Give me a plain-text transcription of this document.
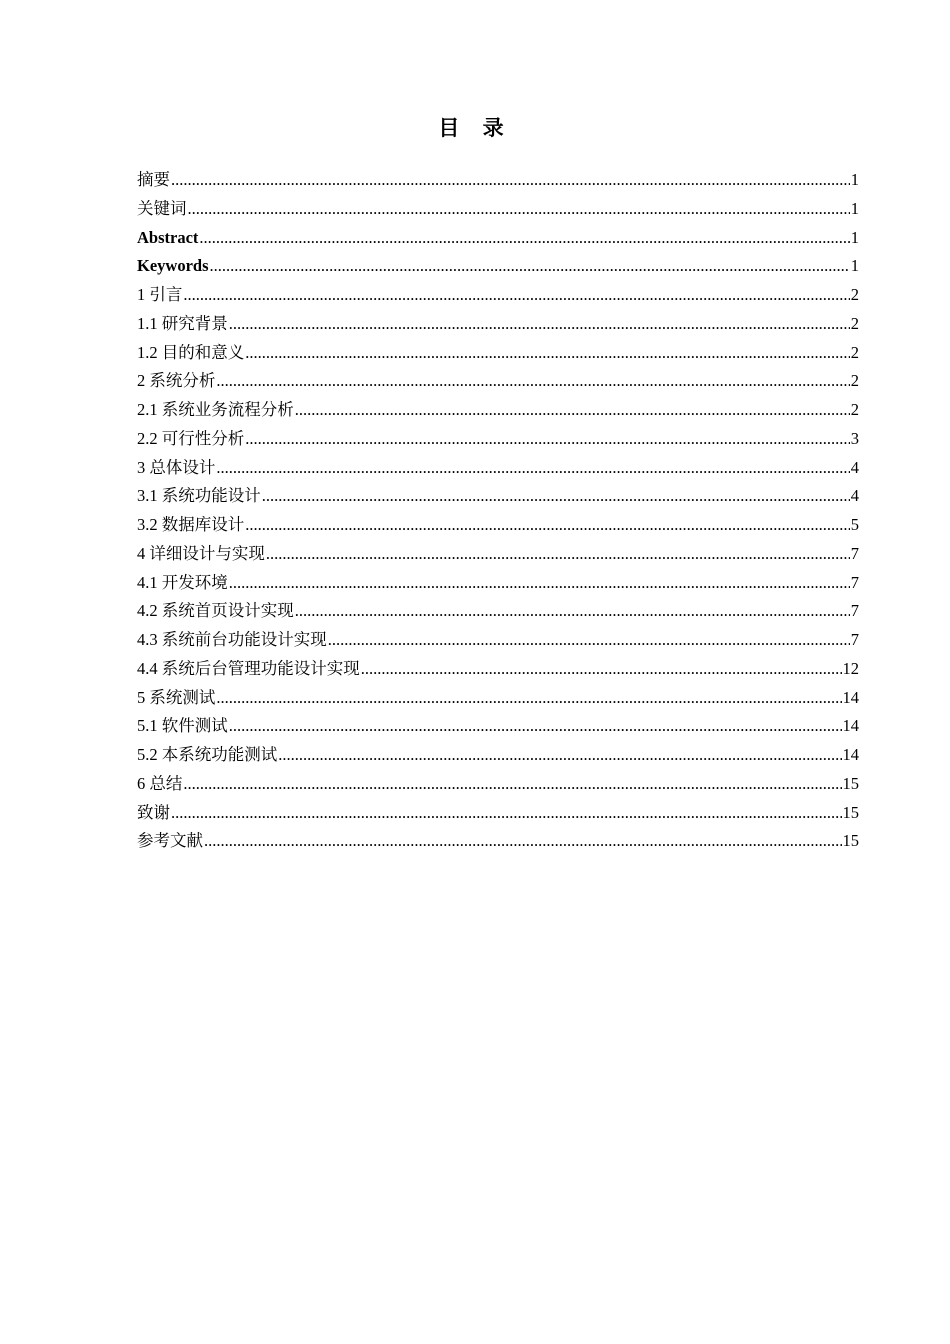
目 录
摘要 .....	1
关键词 .....	1
Abstract .....	1
Keywords .....	1
1 引言 .....	2
1.1 研究背景 .....	2
1.2 目的和意义 .....	2
2 系统分析 .....	2
2.1 系统业务流程分析 .....	2
2.2 可行性分析 .....	3
3 总体设计 .....	4
3.1 系统功能设计 .....	4
3.2 数据库设计 .....	5
4 详细设计与实现 .....	7
4.1 开发环境 .....	7
4.2 系统首页设计实现 .....	7
4.3 系统前台功能设计实现 .....	7
4.4 系统后台管理功能设计实现 .....	12
5 系统测试 .....	14
5.1 软件测试 .....	14
5.2 本系统功能测试 .....	14
6 总结 .....	15
致谢 .....	15
参考文献 .....	15
